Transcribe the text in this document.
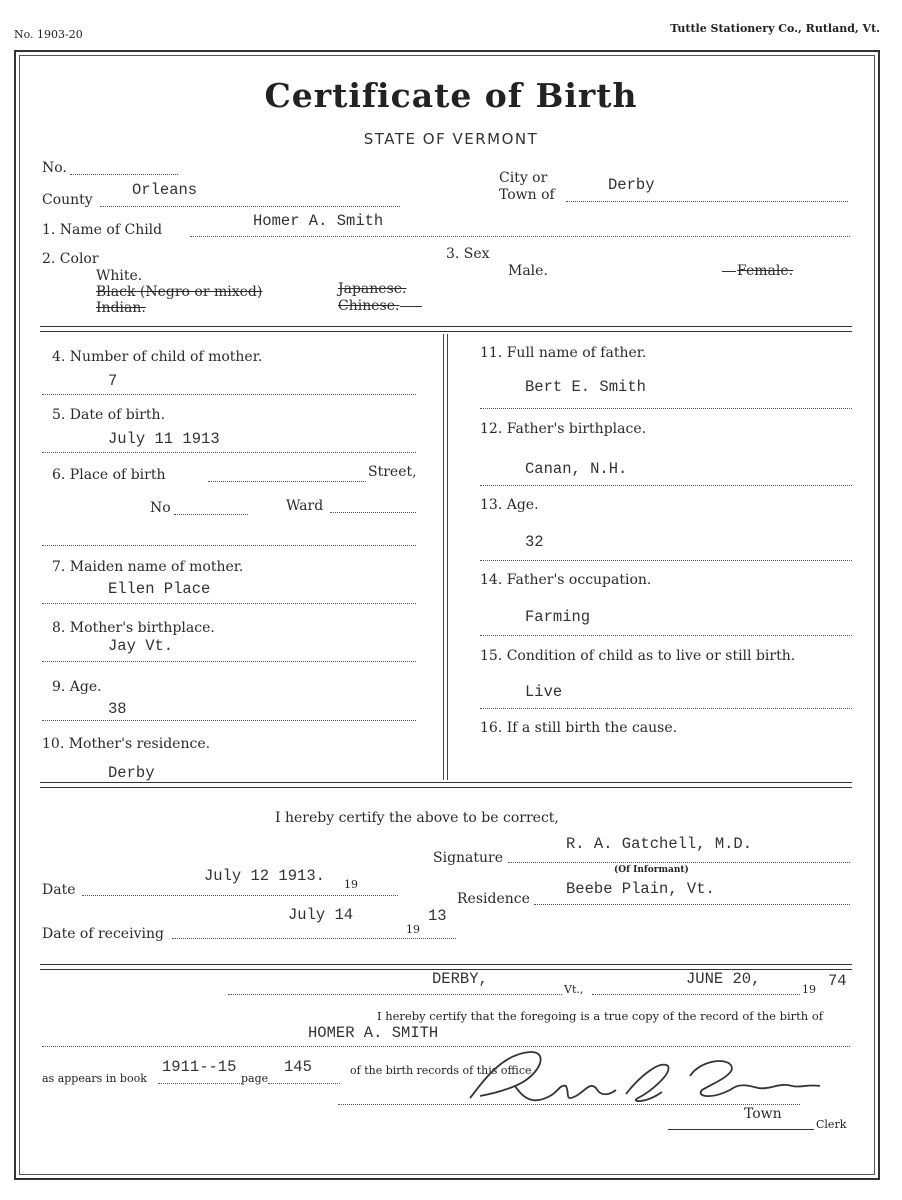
No. 1903-20	Tuttle Stationery Co., Rutland, Vt.
Certificate of Birth
STATE OF VERMONT
No.
County
Orleans
City or
Town of
Derby
1. Name of Child	Homer A. Smith
2. Color
White.
Black (Negro or mixed)
Indian.
Japanese.
Chinese.
3. Sex
Male.	Female.
4. Number of child of mother.
7
5. Date of birth.
July 11 1913
6. Place of birth	Street,
No	Ward
7. Maiden name of mother.
Ellen Place
8. Mother's birthplace.
Jay Vt.
9. Age.
38
10. Mother's residence.
Derby
11. Full name of father.
Bert E. Smith
12. Father's birthplace.
Canan, N.H.
13. Age.
32
14. Father's occupation.
Farming
15. Condition of child as to live or still birth.
Live
16. If a still birth the cause.
I hereby certify the above to be correct,
Signature
R. A. Gatchell, M.D.
(Of Informant)
Date
July 12 1913. 19
Residence
Beebe Plain, Vt.
Date of receiving
July 14
19
13
DERBY,
Vt.,
JUNE 20,
19 74
I hereby certify that the foregoing is a true copy of the record of the birth of
HOMER A. SMITH
as appears in book
1911--15
page
145	of the birth records of this office.
Town
Clerk
